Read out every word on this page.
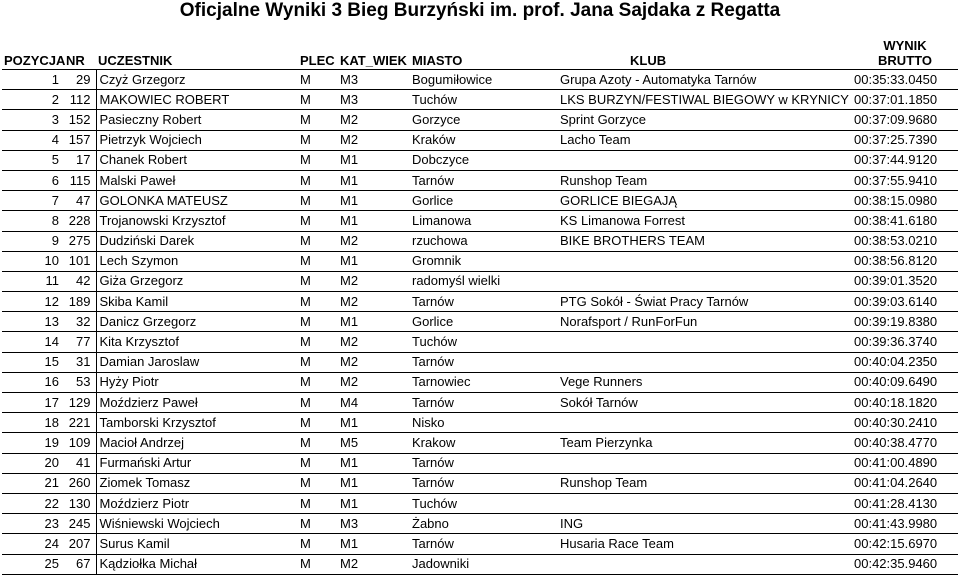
Oficjalne Wyniki 3 Bieg Burzyński im. prof. Jana Sajdaka z Regatta
POZYCJA	NR	UCZESTNIK	PLEC	KAT_WIEK	MIASTO	KLUB	WYNIK
BRUTTO
1	29	Czyż Grzegorz	M	M3	Bogumiłowice	Grupa Azoty - Automatyka Tarnów	00:35:33.0450
2	112	MAKOWIEC ROBERT	M	M3	Tuchów	LKS BURZYN/FESTIWAL BIEGOWY w KRYNICY	00:37:01.1850
3	152	Pasieczny Robert	M	M2	Gorzyce	Sprint Gorzyce	00:37:09.9680
4	157	Pietrzyk Wojciech	M	M2	Kraków	Lacho Team	00:37:25.7390
5	17	Chanek Robert	M	M1	Dobczyce		00:37:44.9120
6	115	Malski Paweł	M	M1	Tarnów	Runshop Team	00:37:55.9410
7	47	GOLONKA MATEUSZ	M	M1	Gorlice	GORLICE BIEGAJĄ	00:38:15.0980
8	228	Trojanowski Krzysztof	M	M1	Limanowa	KS Limanowa Forrest	00:38:41.6180
9	275	Dudziński Darek	M	M2	rzuchowa	BIKE BROTHERS TEAM	00:38:53.0210
10	101	Lech Szymon	M	M1	Gromnik		00:38:56.8120
11	42	Giża Grzegorz	M	M2	radomyśl wielki		00:39:01.3520
12	189	Skiba Kamil	M	M2	Tarnów	PTG Sokół - Świat Pracy Tarnów	00:39:03.6140
13	32	Danicz Grzegorz	M	M1	Gorlice	Norafsport / RunForFun	00:39:19.8380
14	77	Kita Krzysztof	M	M2	Tuchów		00:39:36.3740
15	31	Damian Jaroslaw	M	M2	Tarnów		00:40:04.2350
16	53	Hyży Piotr	M	M2	Tarnowiec	Vege Runners	00:40:09.6490
17	129	Moździerz Paweł	M	M4	Tarnów	Sokół Tarnów	00:40:18.1820
18	221	Tamborski Krzysztof	M	M1	Nisko		00:40:30.2410
19	109	Macioł Andrzej	M	M5	Krakow	Team Pierzynka	00:40:38.4770
20	41	Furmański Artur	M	M1	Tarnów		00:41:00.4890
21	260	Ziomek Tomasz	M	M1	Tarnów	Runshop Team	00:41:04.2640
22	130	Moździerz Piotr	M	M1	Tuchów		00:41:28.4130
23	245	Wiśniewski Wojciech	M	M3	Żabno	ING	00:41:43.9980
24	207	Surus Kamil	M	M1	Tarnów	Husaria Race Team	00:42:15.6970
25	67	Kądziołka Michał	M	M2	Jadowniki		00:42:35.9460
